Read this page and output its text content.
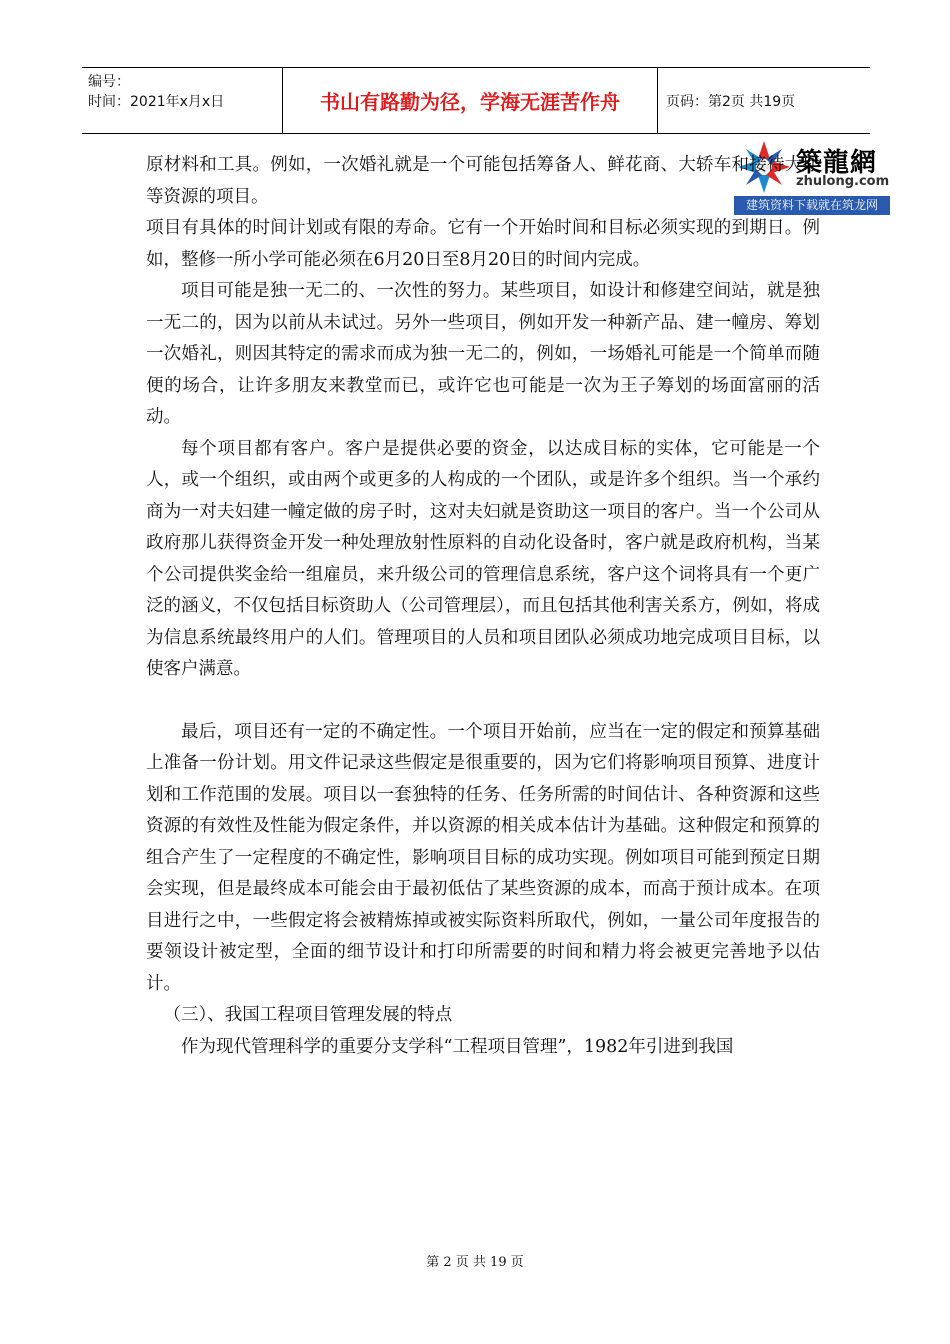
编号：
时间：2021年x月x日	书山有路勤为径，学海无涯苦作舟	页码：第2页 共19页
築龍網
zhulong.com
建筑资料下载就在筑龙网

原材料和工具。例如，一次婚礼就是一个可能包括筹备人、鲜花商、大轿车和接待大厅等资源的项目。

项目有具体的时间计划或有限的寿命。它有一个开始时间和目标必须实现的到期日。例如，整修一所小学可能必须在6月20日至8月20日的时间内完成。

项目可能是独一无二的、一次性的努力。某些项目，如设计和修建空间站，就是独一无二的，因为以前从未试过。另外一些项目，例如开发一种新产品、建一幢房、筹划一次婚礼，则因其特定的需求而成为独一无二的，例如，一场婚礼可能是一个简单而随便的场合，让许多朋友来教堂而已，或许它也可能是一次为王子筹划的场面富丽的活动。

每个项目都有客户。客户是提供必要的资金，以达成目标的实体，它可能是一个人，或一个组织，或由两个或更多的人构成的一个团队，或是许多个组织。当一个承约商为一对夫妇建一幢定做的房子时，这对夫妇就是资助这一项目的客户。当一个公司从政府那儿获得资金开发一种处理放射性原料的自动化设备时，客户就是政府机构，当某个公司提供奖金给一组雇员，来升级公司的管理信息系统，客户这个词将具有一个更广泛的涵义，不仅包括目标资助人（公司管理层），而且包括其他利害关系方，例如，将成为信息系统最终用户的人们。管理项目的人员和项目团队必须成功地完成项目目标，以使客户满意。

最后，项目还有一定的不确定性。一个项目开始前，应当在一定的假定和预算基础上准备一份计划。用文件记录这些假定是很重要的，因为它们将影响项目预算、进度计划和工作范围的发展。项目以一套独特的任务、任务所需的时间估计、各种资源和这些资源的有效性及性能为假定条件，并以资源的相关成本估计为基础。这种假定和预算的组合产生了一定程度的不确定性，影响项目目标的成功实现。例如项目可能到预定日期会实现，但是最终成本可能会由于最初低估了某些资源的成本，而高于预计成本。在项目进行之中，一些假定将会被精炼掉或被实际资料所取代，例如，一量公司年度报告的要领设计被定型，全面的细节设计和打印所需要的时间和精力将会被更完善地予以估计。

（三）、我国工程项目管理发展的特点

作为现代管理科学的重要分支学科“工程项目管理”，1982年引进到我国

第 2 页 共 19 页
